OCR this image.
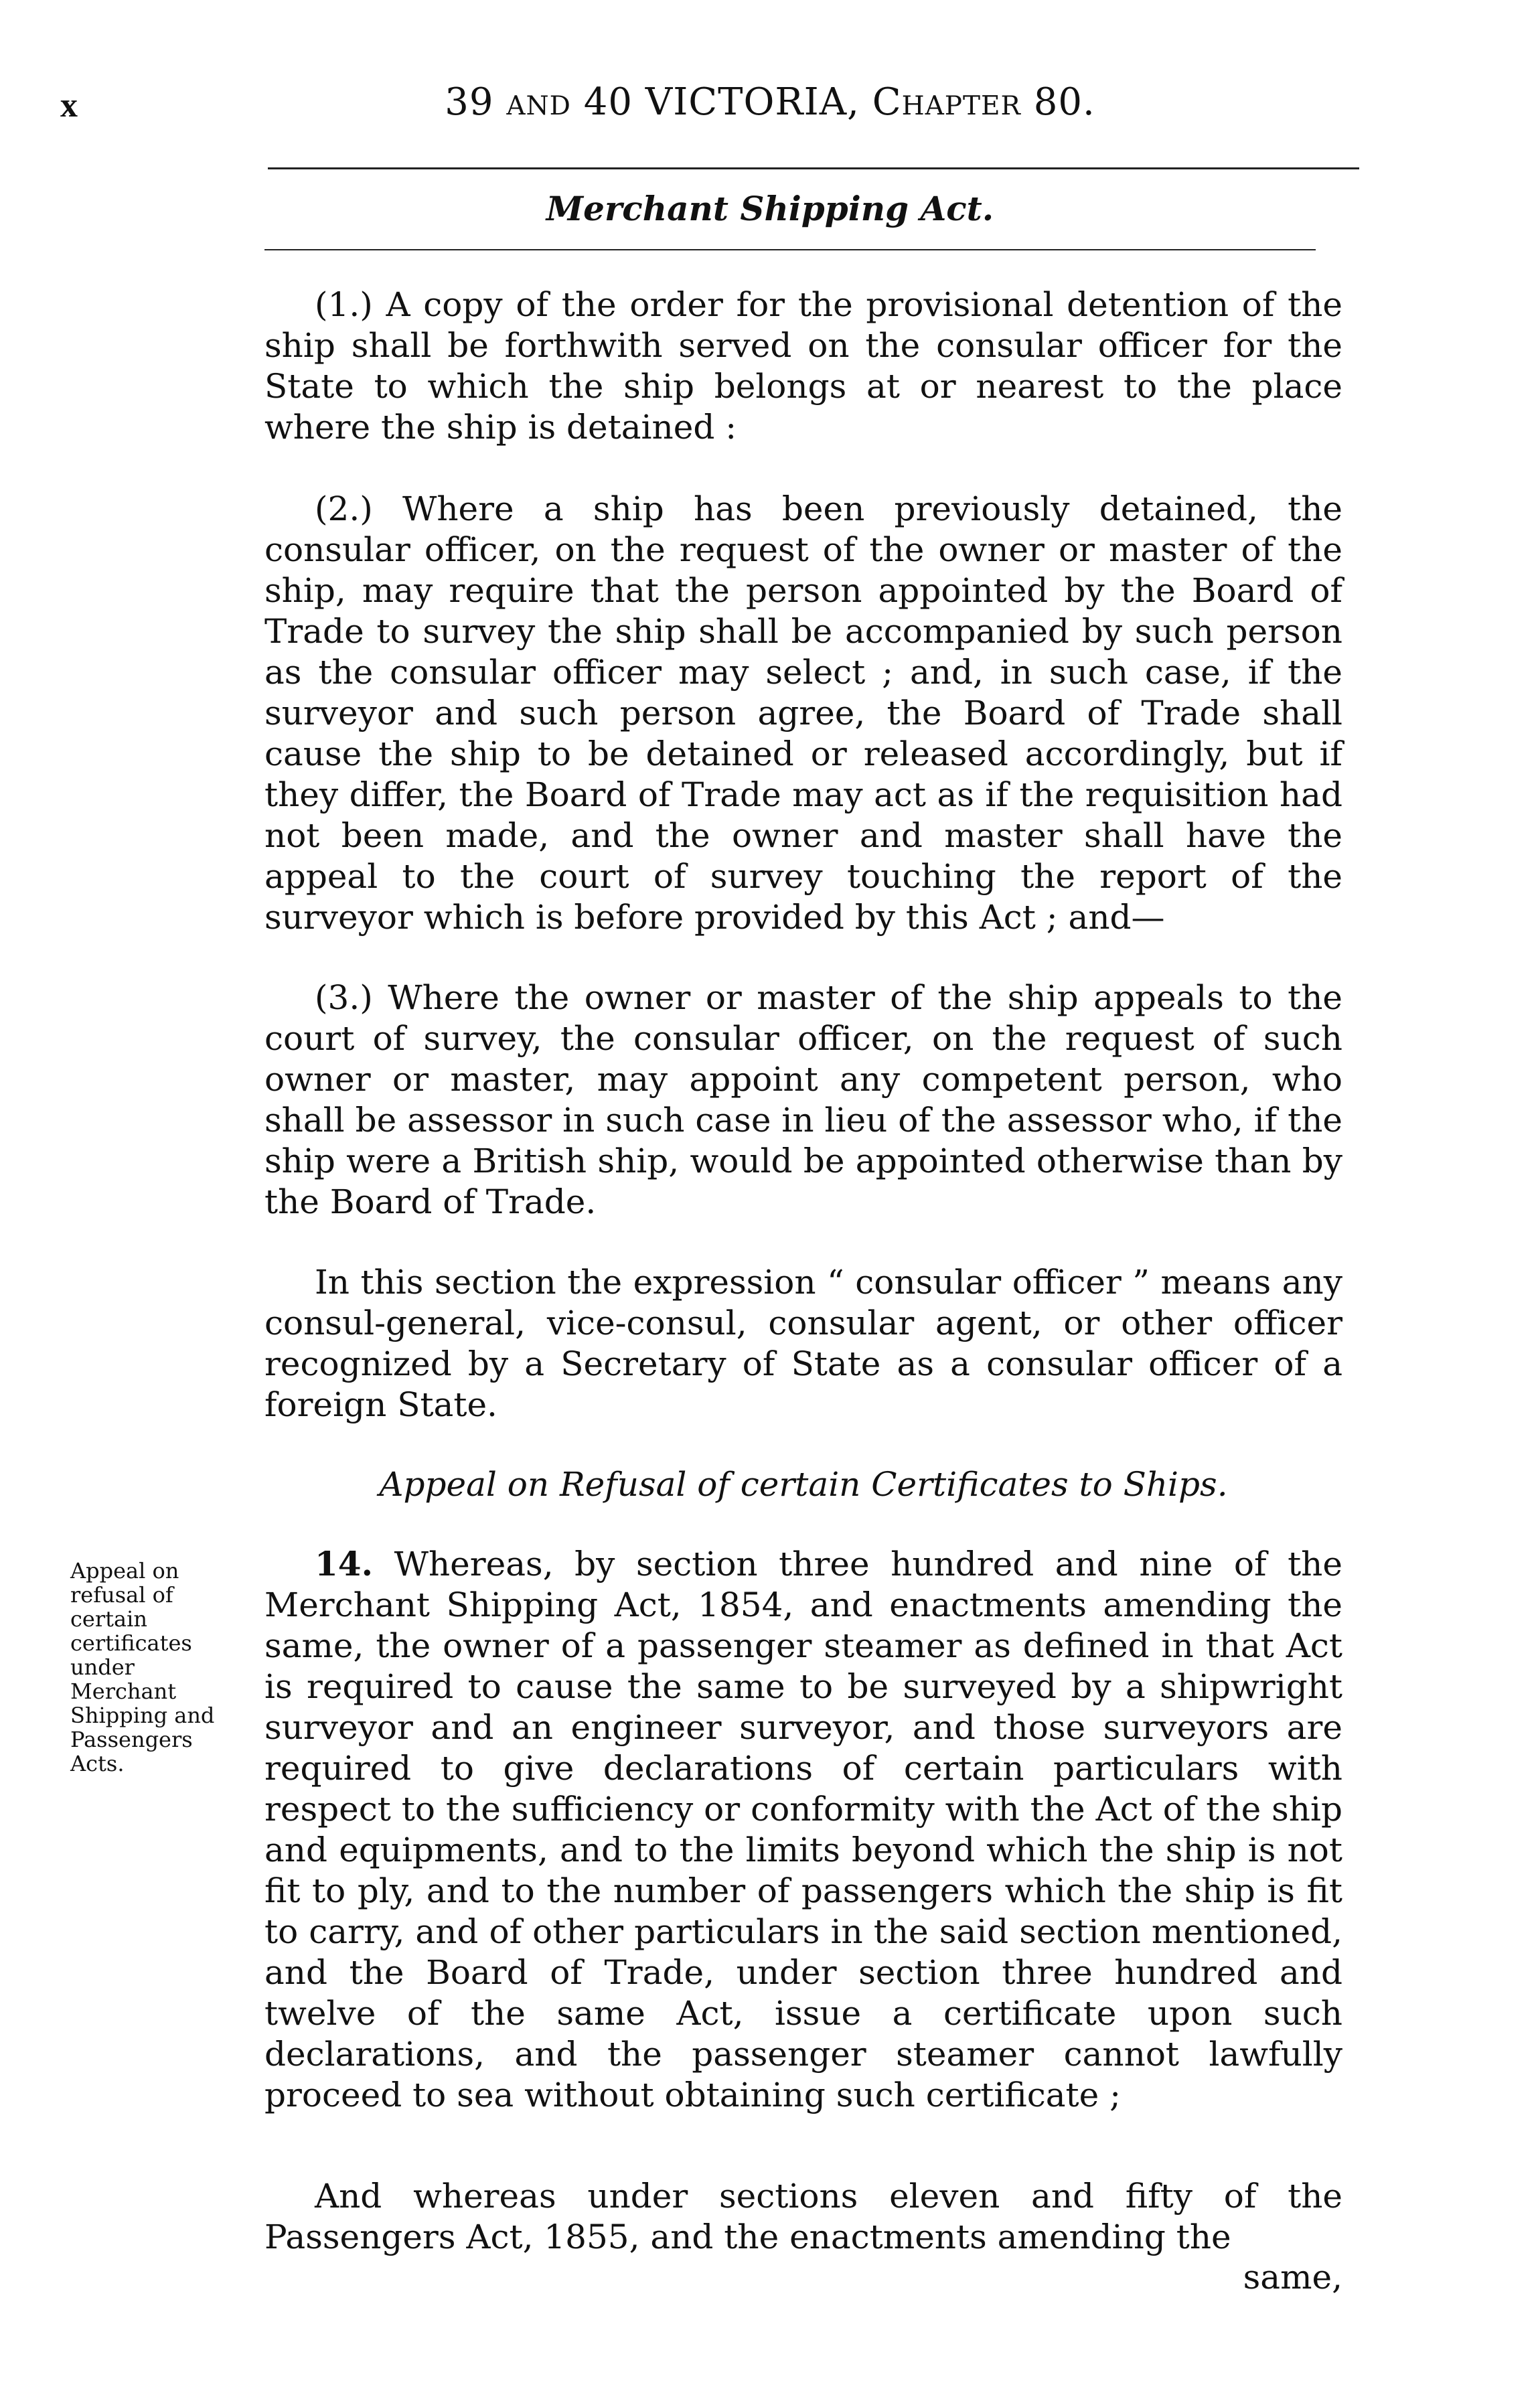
x	39 and 40 VICTORIA, Chapter 80.
Merchant Shipping Act.

(1.) A copy of the order for the provisional detention of the ship shall be forthwith served on the consular officer for the State to which the ship belongs at or nearest to the place where the ship is detained :

(2.) Where a ship has been previously detained, the consular officer, on the request of the owner or master of the ship, may require that the person appointed by the Board of Trade to survey the ship shall be accompanied by such person as the consular officer may select ; and, in such case, if the surveyor and such person agree, the Board of Trade shall cause the ship to be detained or released accordingly, but if they differ, the Board of Trade may act as if the requisition had not been made, and the owner and master shall have the appeal to the court of survey touching the report of the surveyor which is before provided by this Act ; and—

(3.) Where the owner or master of the ship appeals to the court of survey, the consular officer, on the request of such owner or master, may appoint any competent person, who shall be assessor in such case in lieu of the assessor who, if the ship were a British ship, would be appointed otherwise than by the Board of Trade.

In this section the expression “ consular officer ” means any consul-general, vice-consul, consular agent, or other officer recognized by a Secretary of State as a consular officer of a foreign State.

Appeal on Refusal of certain Certificates to Ships.
Appeal on refusal of certain certificates under Merchant Shipping and Passengers Acts.

14. Whereas, by section three hundred and nine of the Merchant Shipping Act, 1854, and enactments amending the same, the owner of a passenger steamer as defined in that Act is required to cause the same to be surveyed by a shipwright surveyor and an engineer surveyor, and those surveyors are required to give declarations of certain particulars with respect to the sufficiency or conformity with the Act of the ship and equipments, and to the limits beyond which the ship is not fit to ply, and to the number of passengers which the ship is fit to carry, and of other particulars in the said section mentioned, and the Board of Trade, under section three hundred and twelve of the same Act, issue a certificate upon such declarations, and the passenger steamer cannot lawfully proceed to sea without obtaining such certificate ;

And whereas under sections eleven and fifty of the Passengers Act, 1855, and the enactments amending the

same,
